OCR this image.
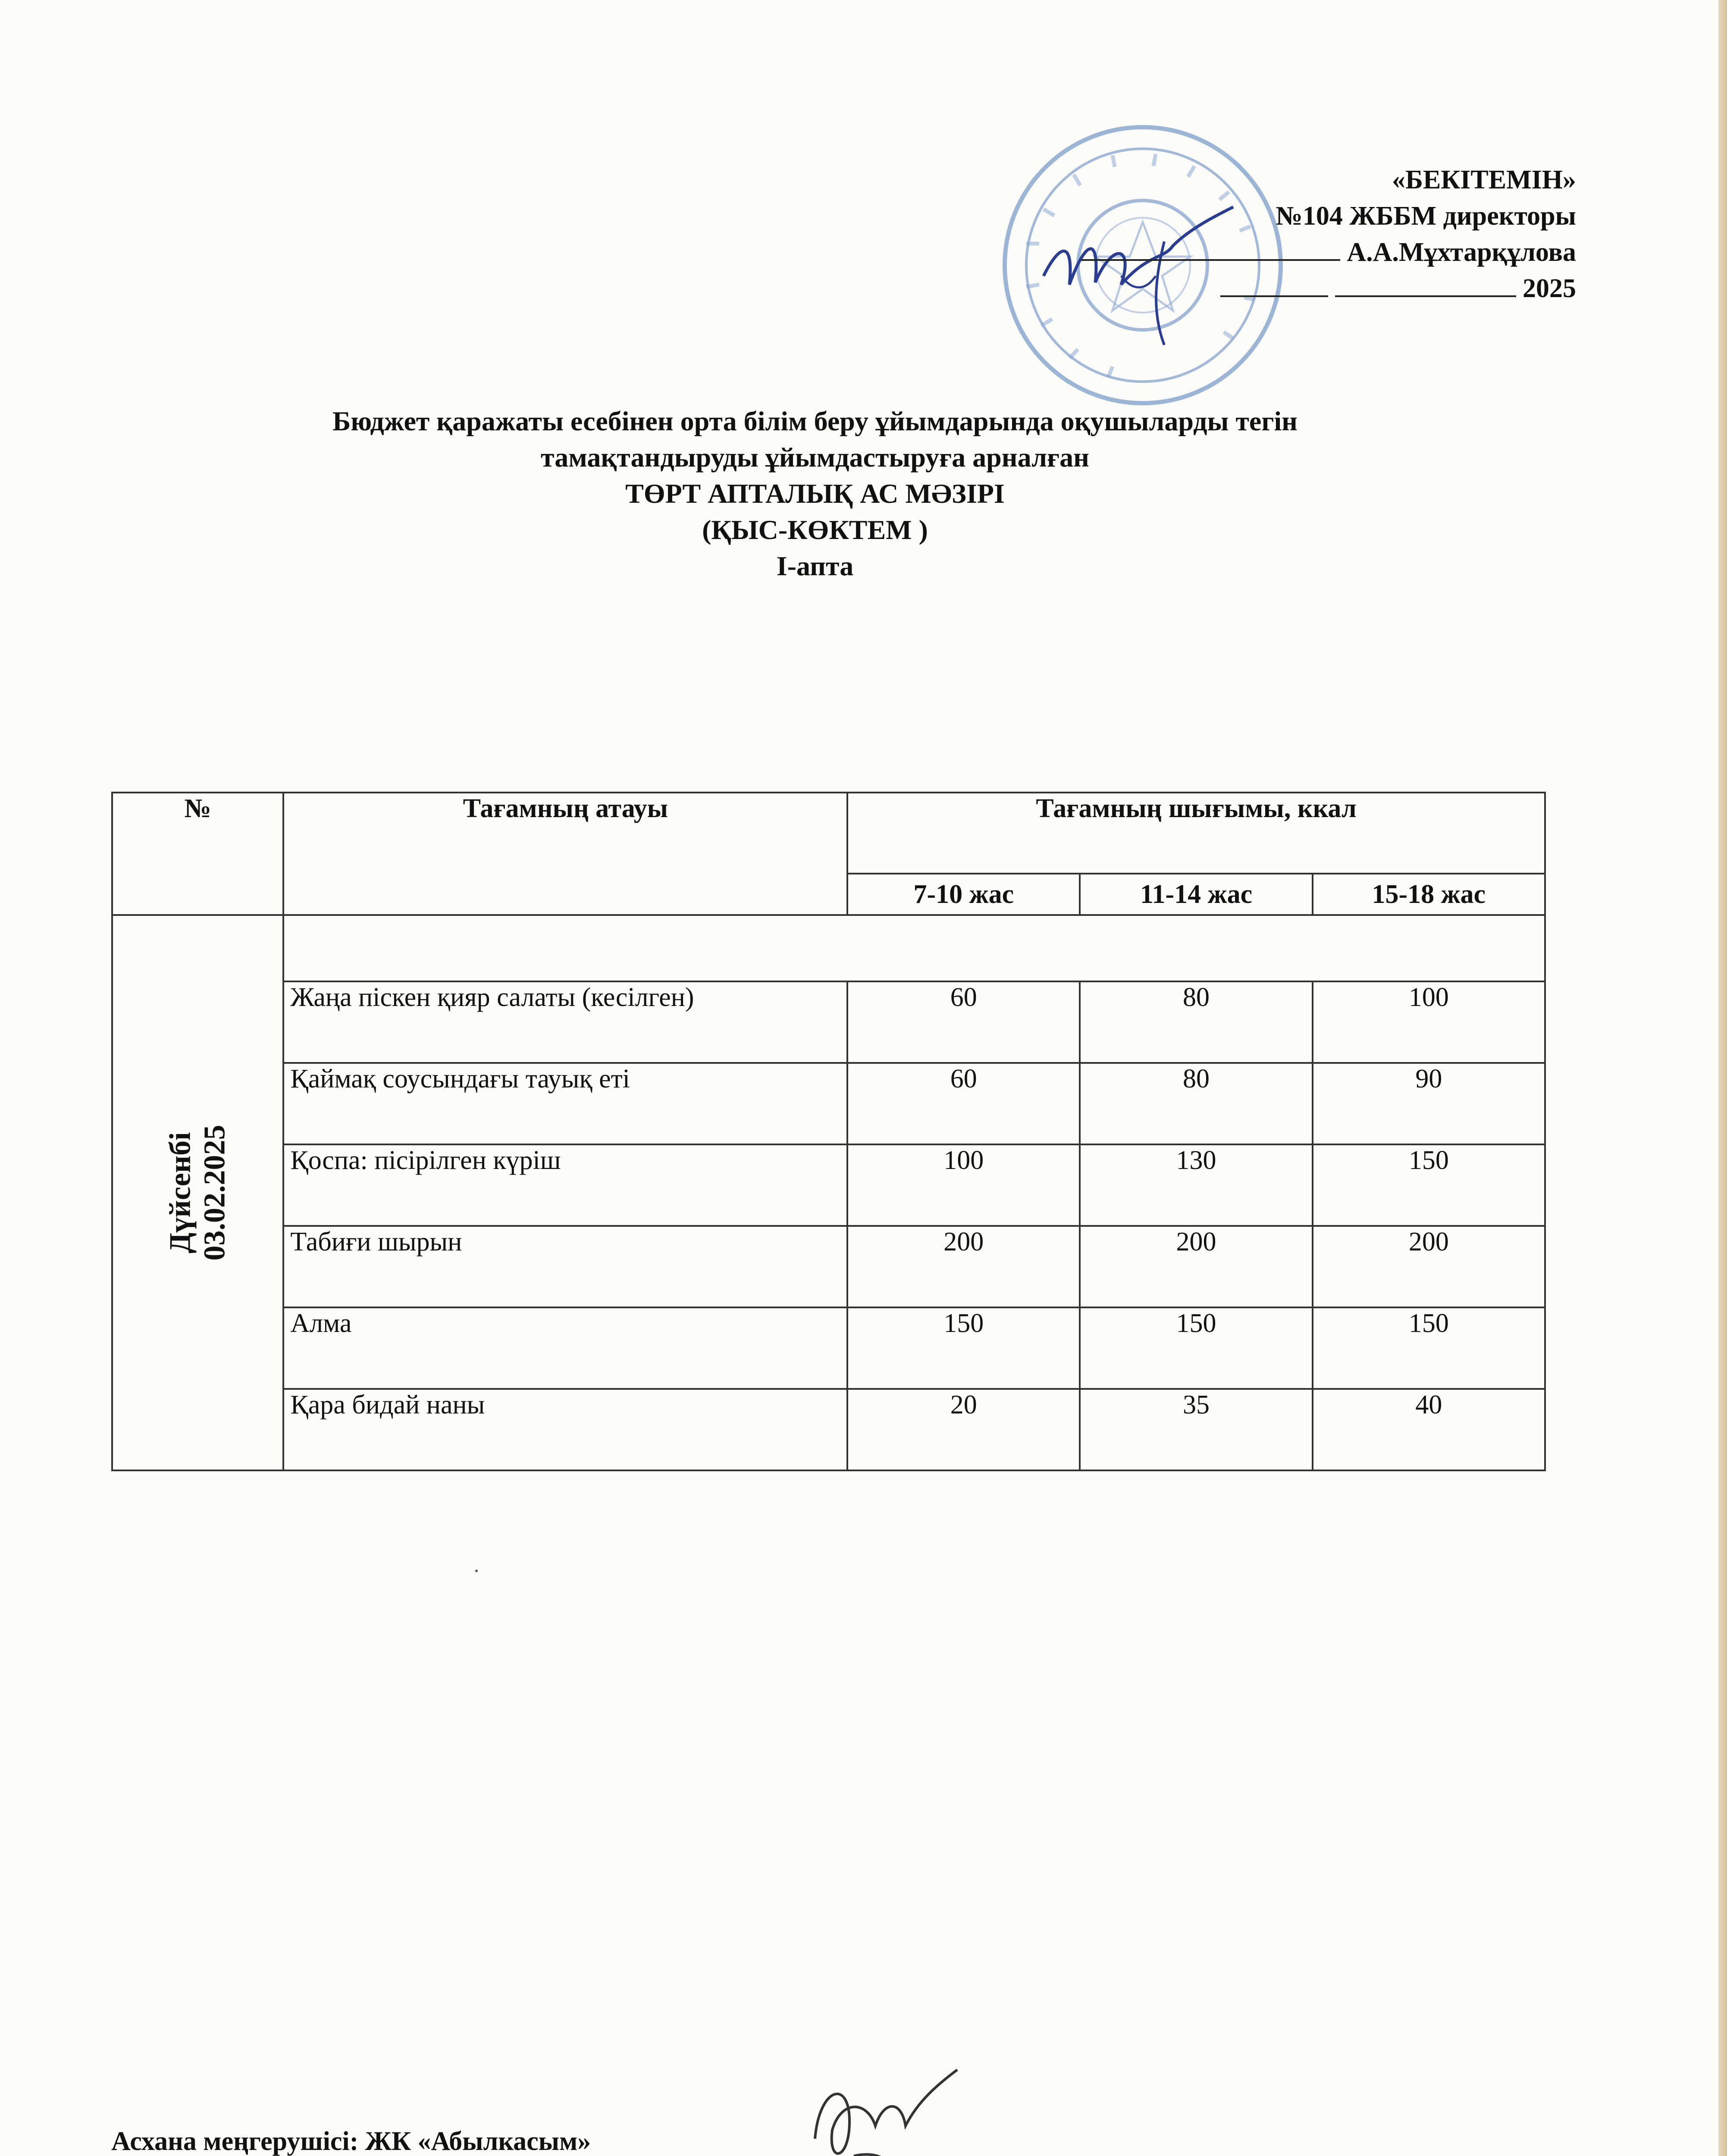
«БЕКІТЕМІН»
№104 ЖББМ директоры
А.А.Мұхтарқұлова
2025
Бюджет қаражаты есебінен орта білім беру ұйымдарында оқушыларды тегін
тамақтандыруды ұйымдастыруға арналған
ТӨРТ АПТАЛЫҚ АС МӘЗІРІ
(ҚЫС-КӨКТЕМ )
І-апта
№	Тағамның атауы	Тағамның шығымы, ккал		
		7-10 жас	11-14 жас	15-18 жас

Дүйсенбі 03.02.2025				

	Жаңа піскен қияр салаты (кесілген)	60	80	100
	Қаймақ соусындағы тауық еті	60	80	90
	Қоспа: пісірілген күріш	100	130	150
	Табиғи шырын	200	200	200
	Алма	150	150	150
	Қара бидай наны	20	35	40
Асхана меңгерушісі: ЖК «Абылкасым»
